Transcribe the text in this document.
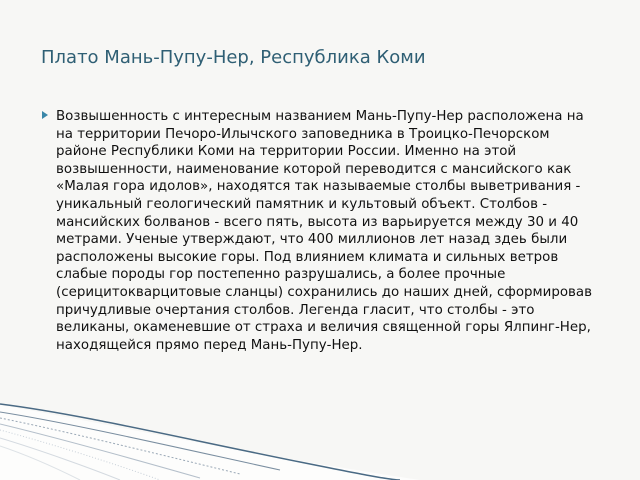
Плато Мань-Пупу-Нер, Республика Коми
Возвышенность с интересным названием Мань-Пупу-Нер расположена на на территории Печоро-Илычского заповедника в Троицко-Печорском районе Республики Коми на территории России. Именно на этой возвышенности, наименование которой переводится с мансийского как «Малая гора идолов», находятся так называемые столбы выветривания - уникальный геологический памятник и культовый объект. Столбов - мансийских болванов - всего пять, высота из варьируется между 30 и 40 метрами. Ученые утверждают, что 400 миллионов лет назад здеь были расположены высокие горы. Под влиянием климата и сильных ветров слабые породы гор постепенно разрушались, а более прочные (серицитокварцитовые сланцы) сохранились до наших дней, сформировав причудливые очертания столбов. Легенда гласит, что столбы - это великаны, окаменевшие от страха и величия священной горы Ялпинг-Нер, находящейся прямо перед Мань-Пупу-Нер.
